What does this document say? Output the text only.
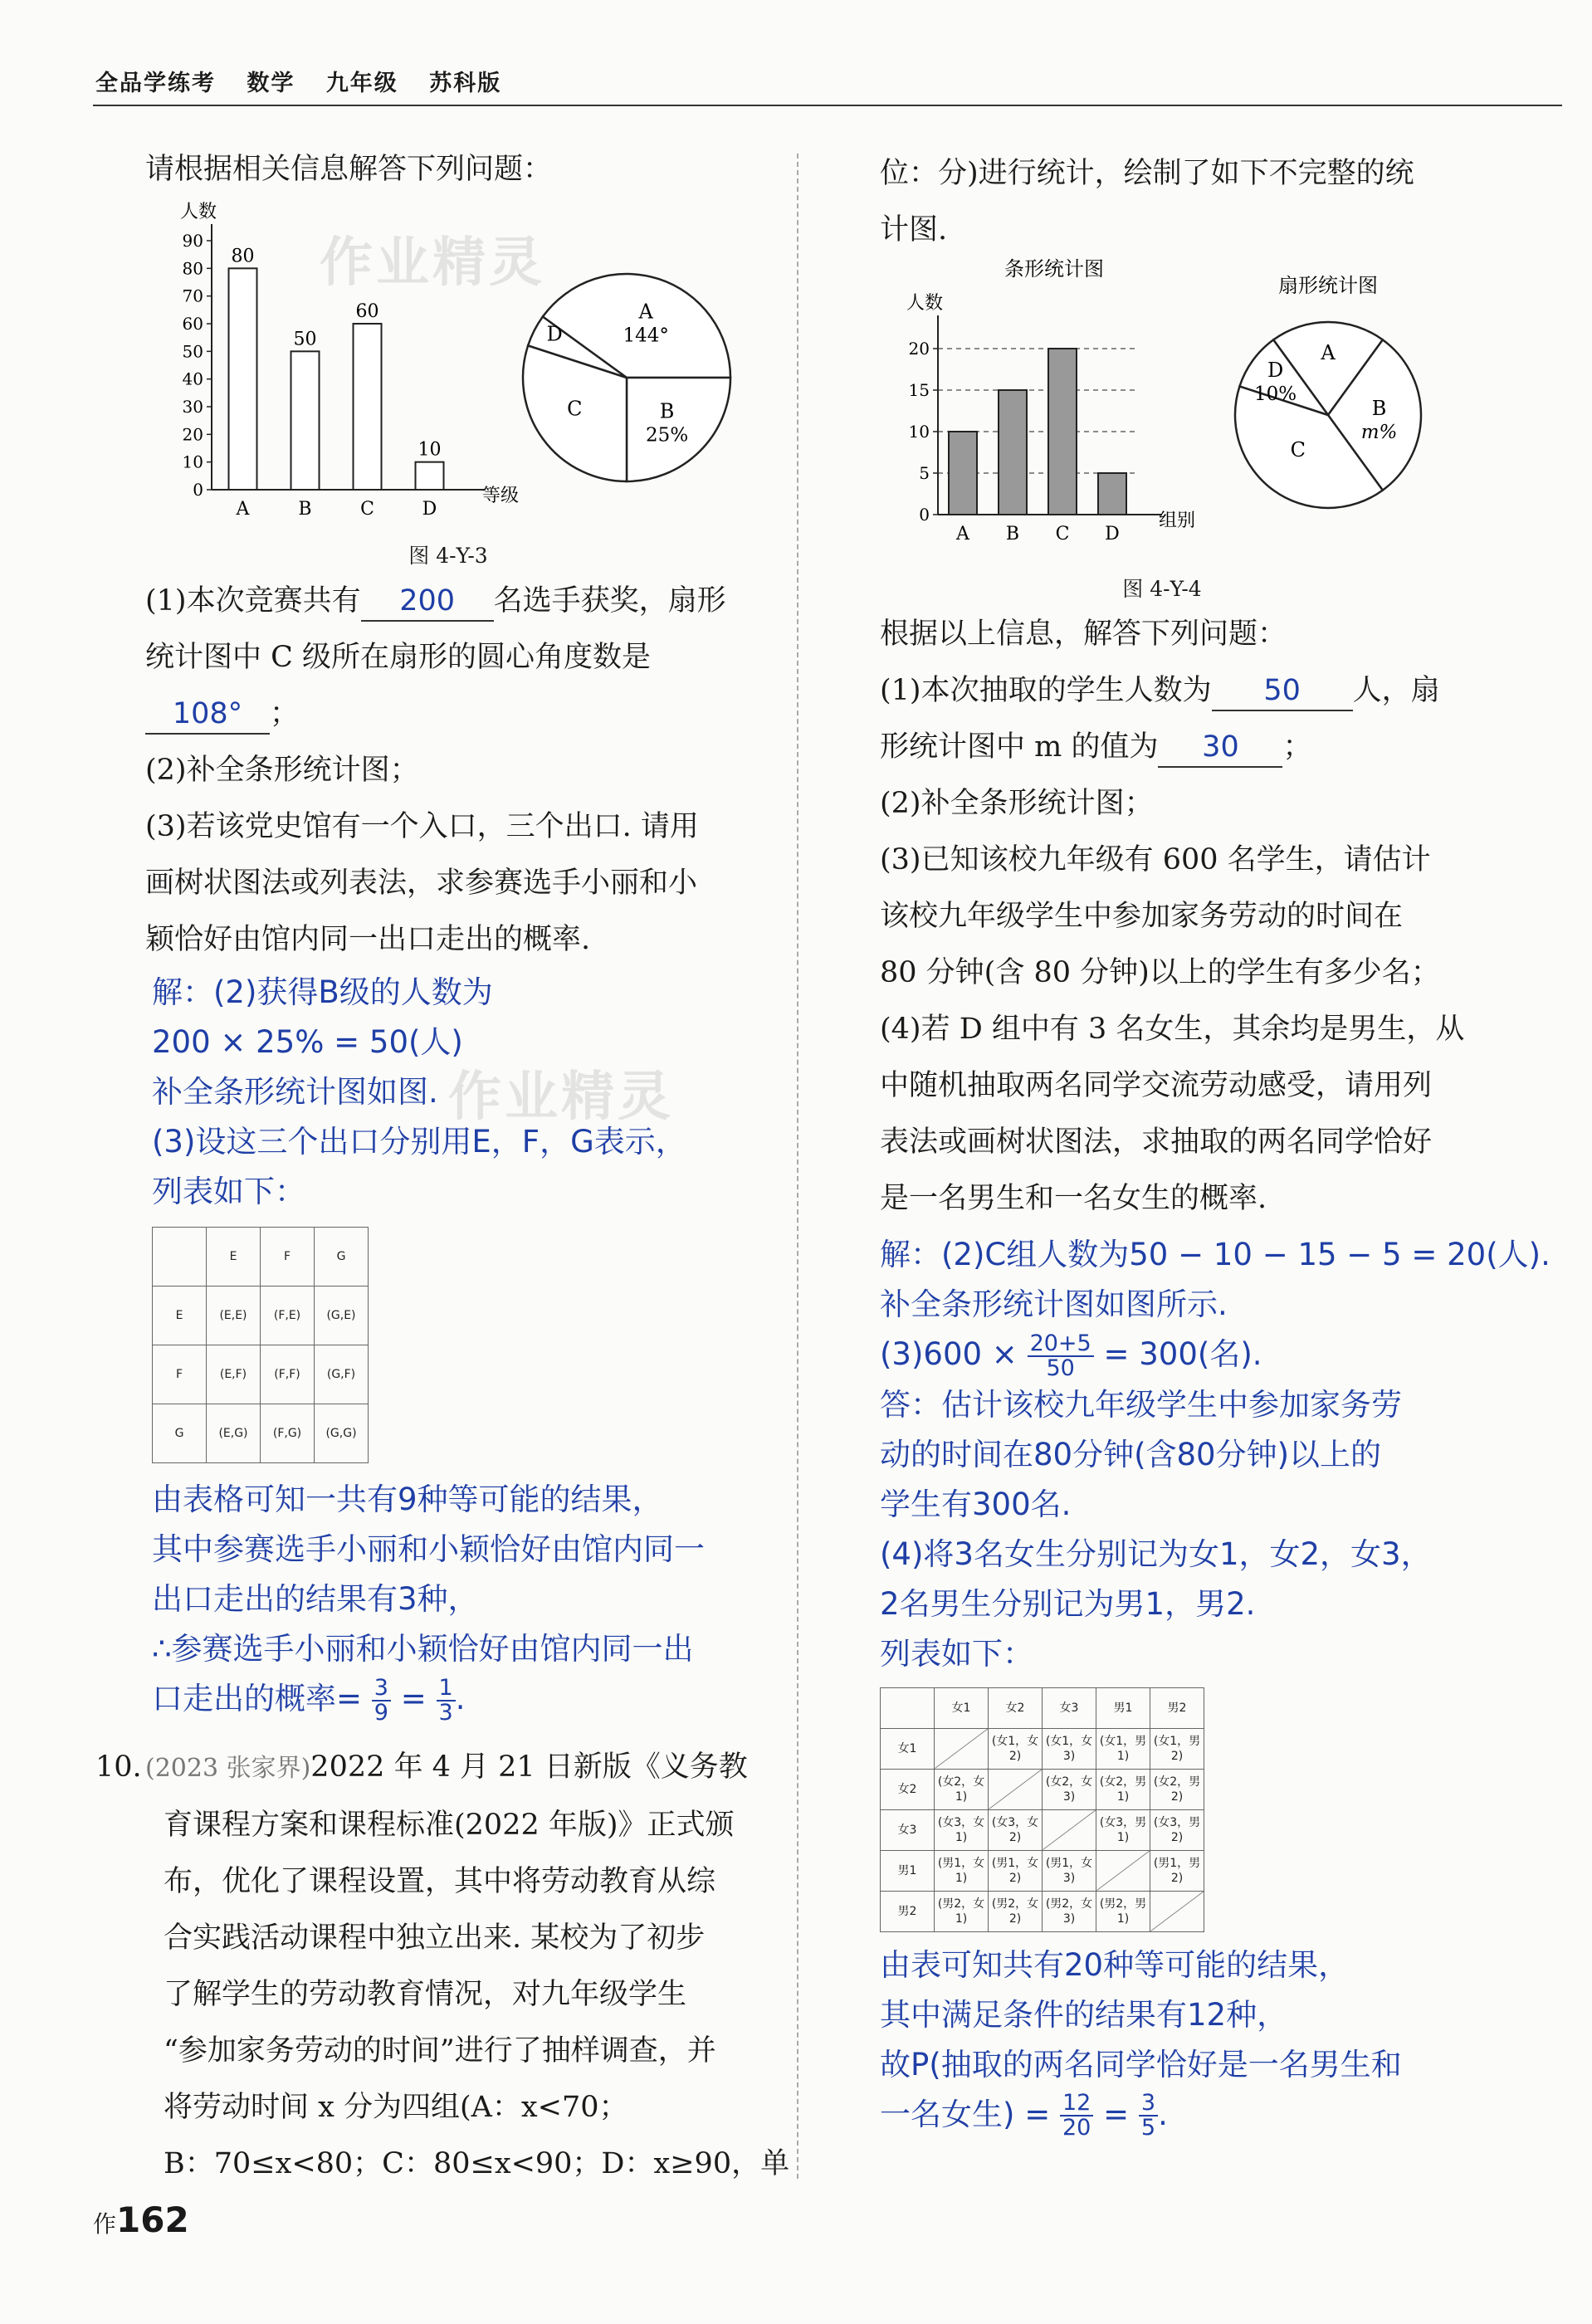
全品学练考 数学 九年级 苏科版
作业精灵
作业精灵

请根据相关信息解答下列问题：

人数
等级
0
10
20
30
40
50
60
70
80
90
A
80
B
50
C
60
D
10
A
144°
B
25%
C
D

图 4-Y-3

(1)本次竞赛共有 200 名选手获奖，扇形

统计图中 C 级所在扇形的圆心角度数是

108° ；

(2)补全条形统计图；

(3)若该党史馆有一个入口，三个出口. 请用

画树状图法或列表法，求参赛选手小丽和小

颖恰好由馆内同一出口走出的概率.

解：(2)获得B级的人数为

200 × 25% = 50(人)

补全条形统计图如图.

(3)设这三个出口分别用E，F，G表示，

列表如下：

	E	F	G
E	(E,E)	(F,E)	(G,E)
F	(E,F)	(F,F)	(G,F)
G	(E,G)	(F,G)	(G,G)

由表格可知一共有9种等可能的结果，

其中参赛选手小丽和小颖恰好由馆内同一

出口走出的结果有3种，

∴参赛选手小丽和小颖恰好由馆内同一出

口走出的概率= $\frac{3}{9} = \frac{1}{3}$ .

10. (2023 张家界)2022 年 4 月 21 日新版《义务教

育课程方案和课程标准(2022 年版)》正式颁

布，优化了课程设置，其中将劳动教育从综

合实践活动课程中独立出来. 某校为了初步

了解学生的劳动教育情况，对九年级学生

“参加家务劳动的时间”进行了抽样调查，并

将劳动时间 x 分为四组(A：x<70；

B：70≤x<80；C：80≤x<90；D：x≥90，单

位：分)进行统计，绘制了如下不完整的统

计图.

条形统计图
人数
组别
0
5
10
15
20
A B C D
扇形统计图
A
B
m%
C
D
10%

图 4-Y-4

根据以上信息，解答下列问题：

(1)本次抽取的学生人数为 50 人，扇

形统计图中 m 的值为 30 ；

(2)补全条形统计图；

(3)已知该校九年级有 600 名学生，请估计

该校九年级学生中参加家务劳动的时间在

80 分钟(含 80 分钟)以上的学生有多少名；

(4)若 D 组中有 3 名女生，其余均是男生，从

中随机抽取两名同学交流劳动感受，请用列

表法或画树状图法，求抽取的两名同学恰好

是一名男生和一名女生的概率.

解：(2)C组人数为50 − 10 − 15 − 5 = 20(人).

补全条形统计图如图所示.

$(3)600 \times \frac{20+5}{50} = 300$(名).

答：估计该校九年级学生中参加家务劳

动的时间在80分钟(含80分钟)以上的

学生有300名.

(4)将3名女生分别记为女1，女2，女3，

2名男生分别记为男1，男2.

列表如下：

	女1	女2	女3	男1	男2
女1		(女1，女2)	(女1，女3)	(女1，男1)	(女1，男2)
女2	(女2，女1)		(女2，女3)	(女2，男1)	(女2，男2)
女3	(女3，女1)	(女3，女2)		(女3，男1)	(女3，男2)
男1	(男1，女1)	(男1，女2)	(男1，女3)		(男1，男2)
男2	(男2，女1)	(男2，女2)	(男2，女3)	(男2，男1)	

由表可知共有20种等可能的结果，

其中满足条件的结果有12种，

故P(抽取的两名同学恰好是一名男生和

一名女生) = $\frac{12}{20} = \frac{3}{5}$ .

作162
